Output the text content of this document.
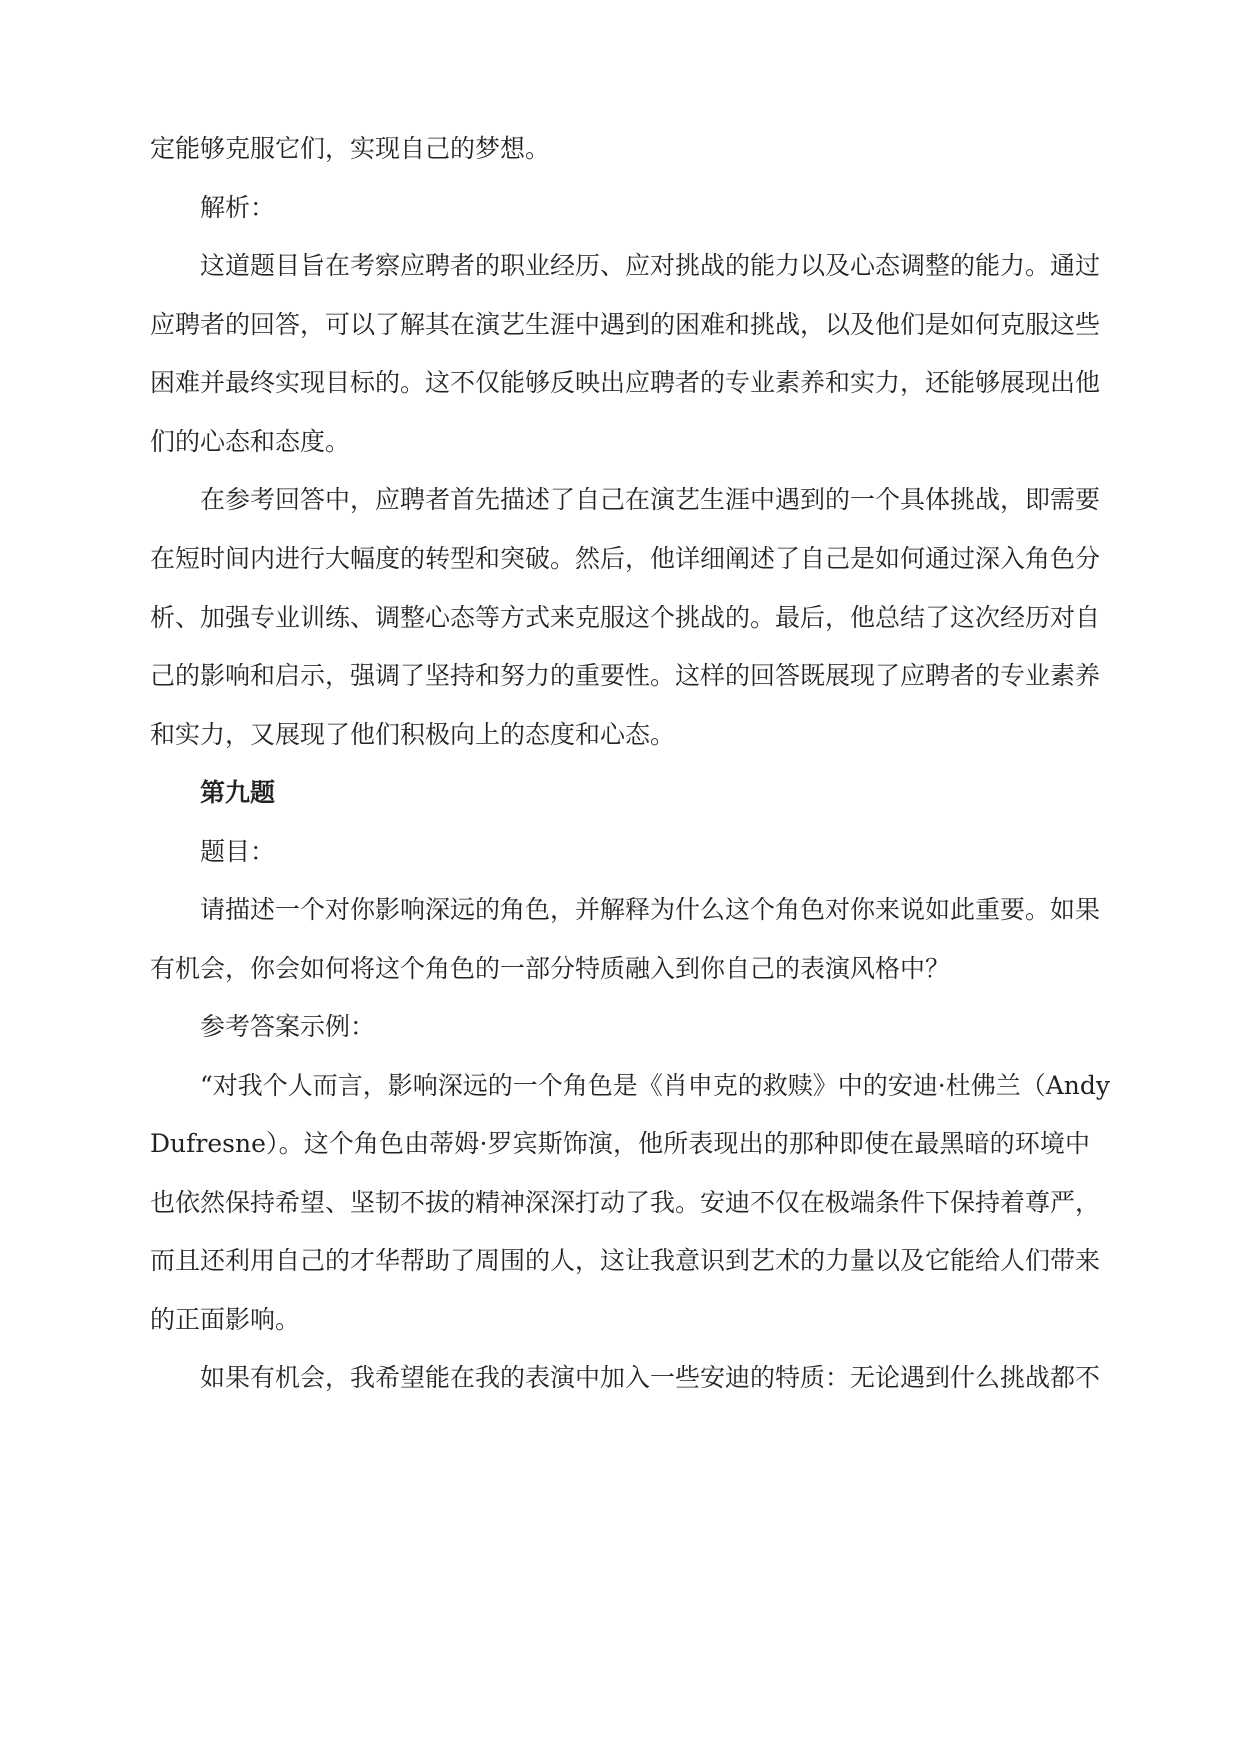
定能够克服它们，实现自己的梦想。
解析：
这道题目旨在考察应聘者的职业经历、应对挑战的能力以及心态调整的能力。通过
应聘者的回答，可以了解其在演艺生涯中遇到的困难和挑战，以及他们是如何克服这些
困难并最终实现目标的。这不仅能够反映出应聘者的专业素养和实力，还能够展现出他
们的心态和态度。
在参考回答中，应聘者首先描述了自己在演艺生涯中遇到的一个具体挑战，即需要
在短时间内进行大幅度的转型和突破。然后，他详细阐述了自己是如何通过深入角色分
析、加强专业训练、调整心态等方式来克服这个挑战的。最后，他总结了这次经历对自
己的影响和启示，强调了坚持和努力的重要性。这样的回答既展现了应聘者的专业素养
和实力，又展现了他们积极向上的态度和心态。
第九题
题目：
请描述一个对你影响深远的角色，并解释为什么这个角色对你来说如此重要。如果
有机会，你会如何将这个角色的一部分特质融入到你自己的表演风格中？
参考答案示例：
“对我个人而言，影响深远的一个角色是《肖申克的救赎》中的安迪·杜佛兰（Andy
Dufresne）。这个角色由蒂姆·罗宾斯饰演，他所表现出的那种即使在最黑暗的环境中
也依然保持希望、坚韧不拔的精神深深打动了我。安迪不仅在极端条件下保持着尊严，
而且还利用自己的才华帮助了周围的人，这让我意识到艺术的力量以及它能给人们带来
的正面影响。
如果有机会，我希望能在我的表演中加入一些安迪的特质：无论遇到什么挑战都不
